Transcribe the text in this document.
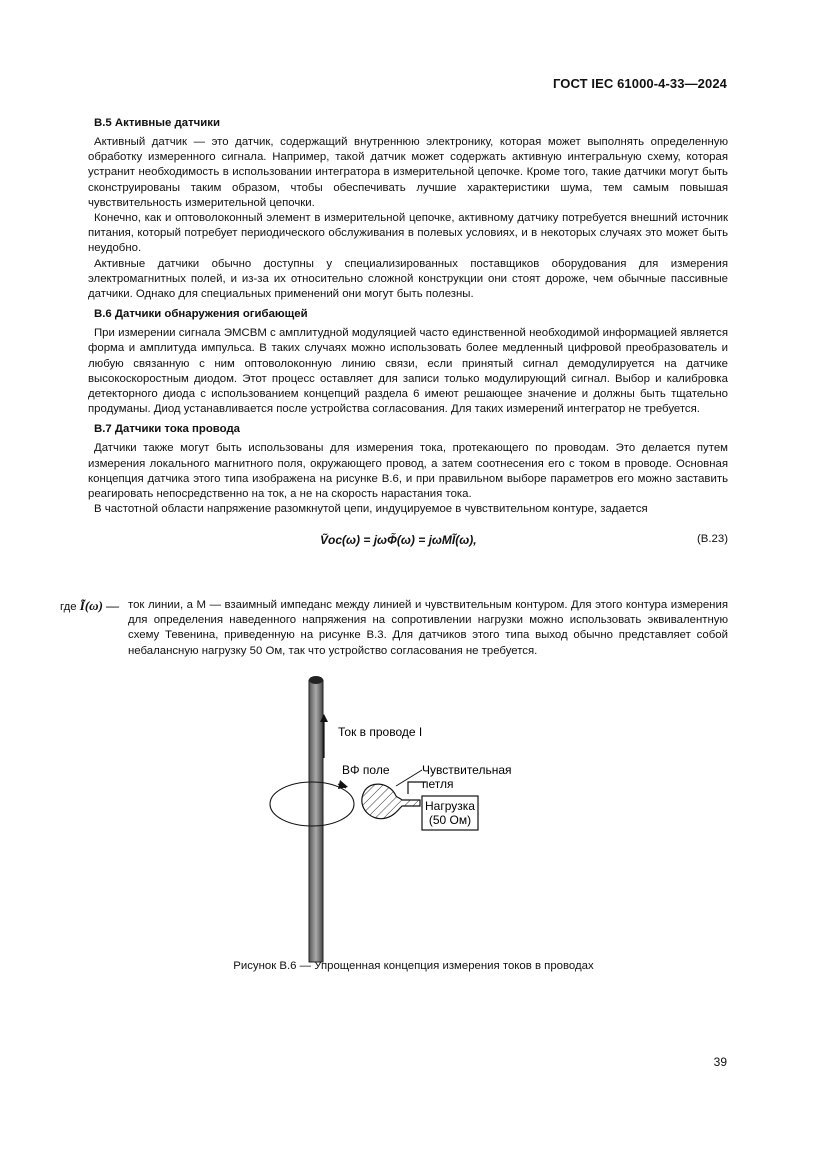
ГОСТ IEC 61000-4-33—2024
B.5 Активные датчики

Активный датчик — это датчик, содержащий внутреннюю электронику, которая может выполнять определенную обработку измеренного сигнала. Например, такой датчик может содержать активную интегральную схему, которая устранит необходимость в использовании интегратора в измерительной цепочке. Кроме того, такие датчики могут быть сконструированы таким образом, чтобы обеспечивать лучшие характеристики шума, тем самым повышая чувствительность измерительной цепочки.

Конечно, как и оптоволоконный элемент в измерительной цепочке, активному датчику потребуется внешний источник питания, который потребует периодического обслуживания в полевых условиях, и в некоторых случаях это может быть неудобно.

Активные датчики обычно доступны у специализированных поставщиков оборудования для измерения электромагнитных полей, и из-за их относительно сложной конструкции они стоят дороже, чем обычные пассивные датчики. Однако для специальных применений они могут быть полезны.

B.6 Датчики обнаружения огибающей

При измерении сигнала ЭМСВМ с амплитудной модуляцией часто единственной необходимой информацией является форма и амплитуда импульса. В таких случаях можно использовать более медленный цифровой преобразователь и любую связанную с ним оптоволоконную линию связи, если принятый сигнал демодулируется на датчике высокоскоростным диодом. Этот процесс оставляет для записи только модулирующий сигнал. Выбор и калибровка детекторного диода с использованием концепций раздела 6 имеют решающее значение и должны быть тщательно продуманы. Диод устанавливается после устройства согласования. Для таких измерений интегратор не требуется.

B.7 Датчики тока провода

Датчики также могут быть использованы для измерения тока, протекающего по проводам. Это делается путем измерения локального магнитного поля, окружающего провод, а затем соотнесения его с током в проводе. Основная концепция датчика этого типа изображена на рисунке B.6, и при правильном выборе параметров его можно заставить реагировать непосредственно на ток, а не на скорость нарастания тока.

В частотной области напряжение разомкнутой цепи, индуцируемое в чувствительном контуре, задается

Ṽoc(ω) = jωΦ̃(ω) = jωMĨ(ω),	(B.23)
где Ĩ(ω) — ток линии, а M — взаимный импеданс между линией и чувствительным контуром. Для этого контура измерения для определения наведенного напряжения на сопротивлении нагрузки можно использовать эквивалентную схему Тевенина, приведенную на рисунке B.3. Для датчиков этого типа выход обычно представляет собой небалансную нагрузку 50 Ом, так что устройство согласования не требуется.
Нагрузка
(50 Ом)
Ток в проводе I
BΦ поле	Чувствительная
петля
Рисунок B.6 — Упрощенная концепция измерения токов в проводах
39
